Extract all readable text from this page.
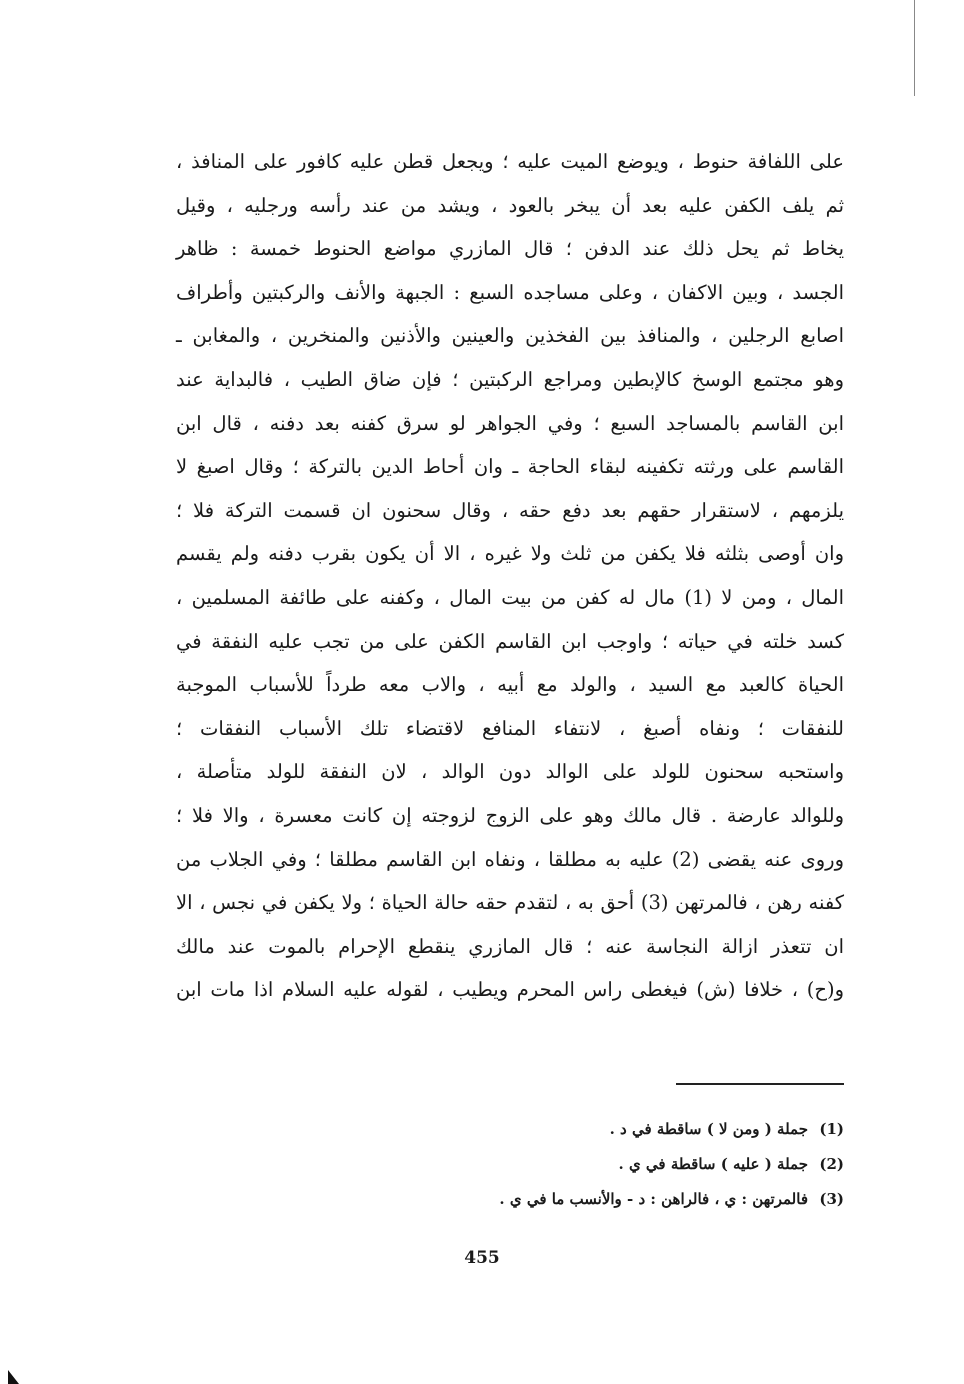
على اللفافة حنوط ، ويوضع الميت عليه ؛ ويجعل قطن عليه كافور على المنافذ ،
ثم يلف الكفن عليه بعد أن يبخر بالعود ، ويشد من عند رأسه ورجليه ، وقيل
يخاط ثم يحل ذلك عند الدفن ؛ قال المازري مواضع الحنوط خمسة : ظاهر
الجسد ، وبين الاكفان ، وعلى مساجده السبع : الجبهة والأنف والركبتين وأطراف
اصابع الرجلين ، والمنافذ بين الفخذين والعينين والأذنين والمنخرين ، والمغابن ـ
وهو مجتمع الوسخ كالإبطين ومراجع الركبتين ؛ فإن ضاق الطيب ، فالبداية عند
ابن القاسم بالمساجد السبع ؛ وفي الجواهر لو سرق كفنه بعد دفنه ، قال ابن
القاسم على ورثته تكفينه لبقاء الحاجة ـ وان أحاط الدين بالتركة ؛ وقال اصبغ لا
يلزمهم ، لاستقرار حقهم بعد دفع حقه ، وقال سحنون ان قسمت التركة فلا ؛
وان أوصى بثلثه فلا يكفن من ثلث ولا غيره ، الا أن يكون بقرب دفنه ولم يقسم
المال ، ومن لا (1) مال له كفن من بيت المال ، وكفنه على طائفة المسلمين ،
كسد خلته في حياته ؛ واوجب ابن القاسم الكفن على من تجب عليه النفقة في
الحياة كالعبد مع السيد ، والولد مع أبيه ، والاب معه طرداً للأسباب الموجبة
للنفقات ؛ ونفاه أصبغ ، لانتفاء المنافع لاقتضاء تلك الأسباب النفقات ؛
واستحبه سحنون للولد على الوالد دون الوالد ، لان النفقة للولد متأصلة ،
وللوالد عارضة . قال مالك وهو على الزوج لزوجته إن كانت معسرة ، والا فلا ؛
وروى عنه يقضى (2) عليه به مطلقا ، ونفاه ابن القاسم مطلقا ؛ وفي الجلاب من
كفنه رهن ، فالمرتهن (3) أحق به ، لتقدم حقه حالة الحياة ؛ ولا يكفن في نجس ، الا
ان تتعذر ازالة النجاسة عنه ؛ قال المازري ينقطع الإحرام بالموت عند مالك
و(ح) ، خلافا (ش) فيغطى راس المحرم ويطيب ، لقوله عليه السلام اذا مات ابن
(1)جملة ( ومن لا ) ساقطة في د .
(2)جملة ( عليه ) ساقطة في ي .
(3)فالمرتهن : ي ، فالراهن : د - والأنسب ما في ي .
455
